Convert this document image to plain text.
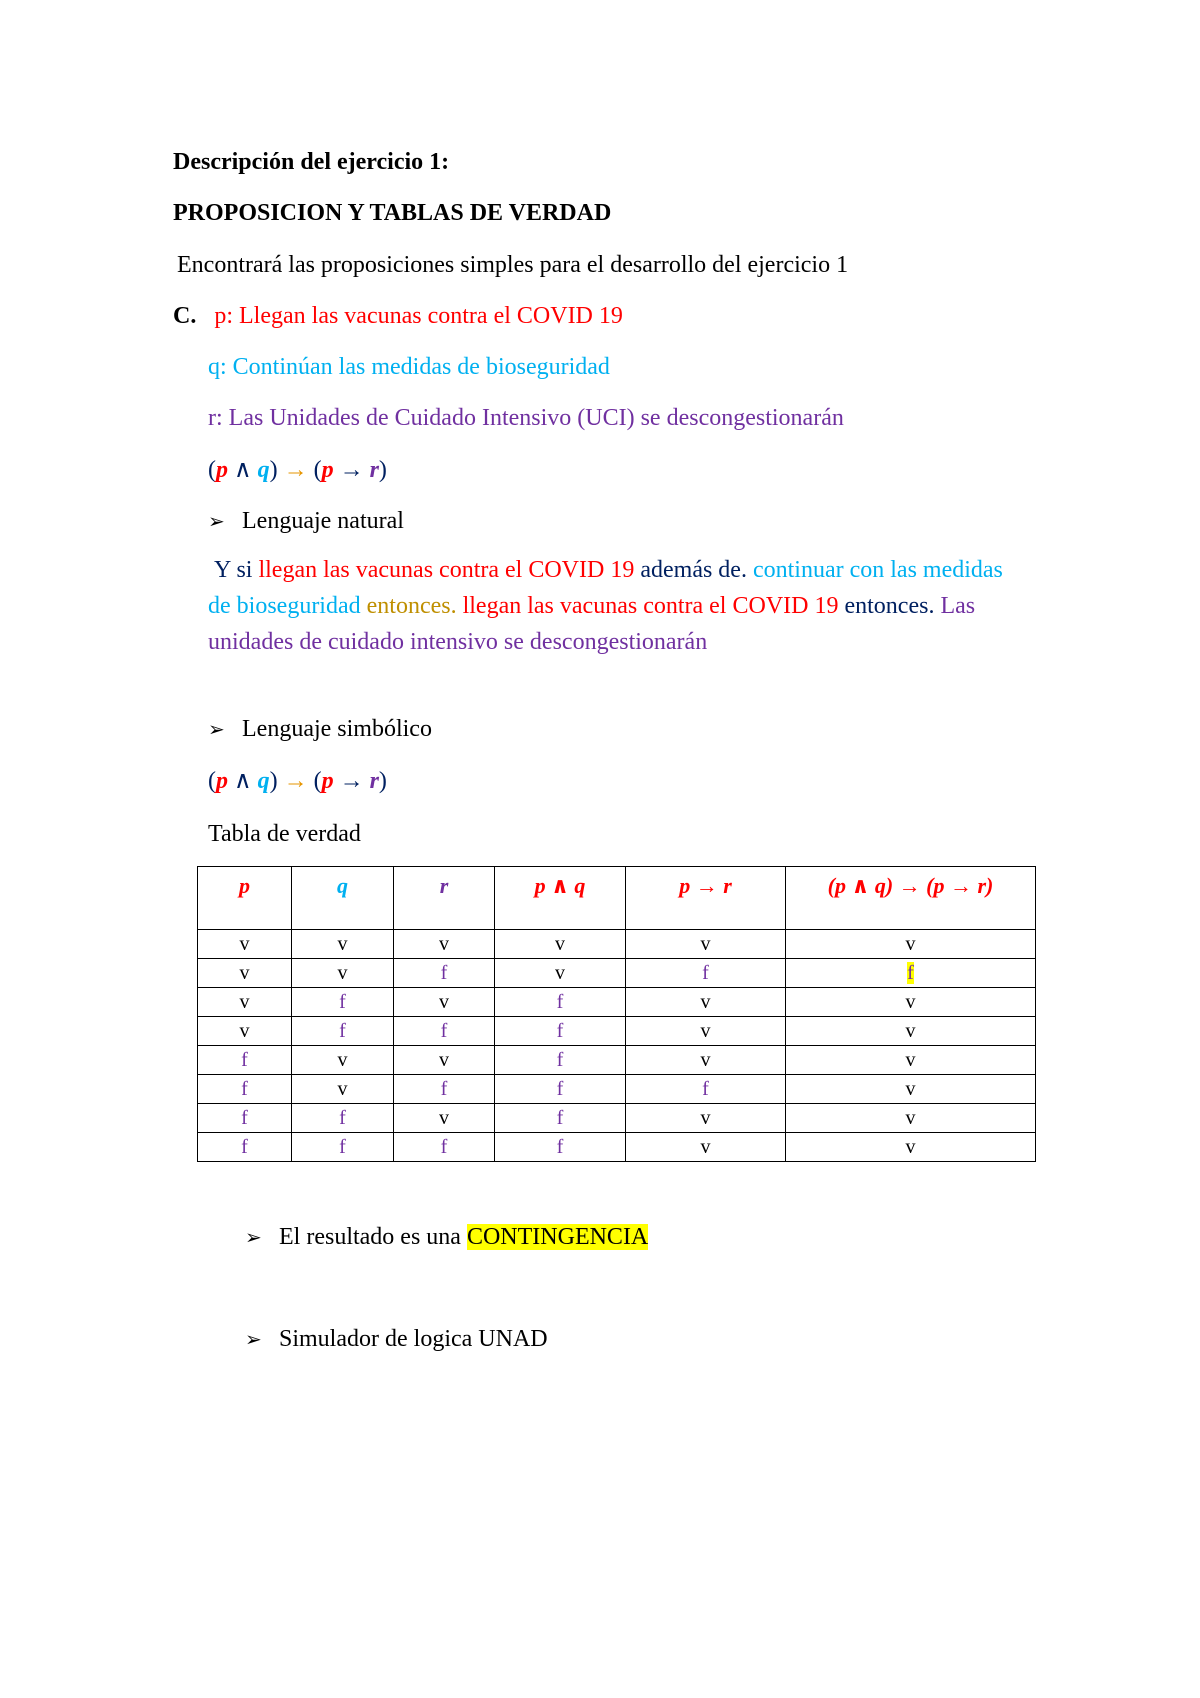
Descripción del ejercicio 1:
PROPOSICION Y TABLAS DE VERDAD
Encontrará las proposiciones simples para el desarrollo del ejercicio 1
C. p: Llegan las vacunas contra el COVID 19
q: Continúan las medidas de bioseguridad
r: Las Unidades de Cuidado Intensivo (UCI) se descongestionarán
(p ∧ q) → (p → r)
➢ Lenguaje natural
Y si llegan las vacunas contra el COVID 19 además de. continuar con las medidas de bioseguridad entonces. llegan las vacunas contra el COVID 19 entonces. Las unidades de cuidado intensivo se descongestionarán
➢ Lenguaje simbólico
(p ∧ q) → (p → r)
Tabla de verdad
p	q	r	p ∧ q	p → r	(p ∧ q) → (p → r)
v	v	v	v	v	v
v	v	f	v	f	f
v	f	v	f	v	v
v	f	f	f	v	v
f	v	v	f	v	v
f	v	f	f	f	v
f	f	v	f	v	v
f	f	f	f	v	v
➢ El resultado es una CONTINGENCIA
➢ Simulador de logica UNAD
